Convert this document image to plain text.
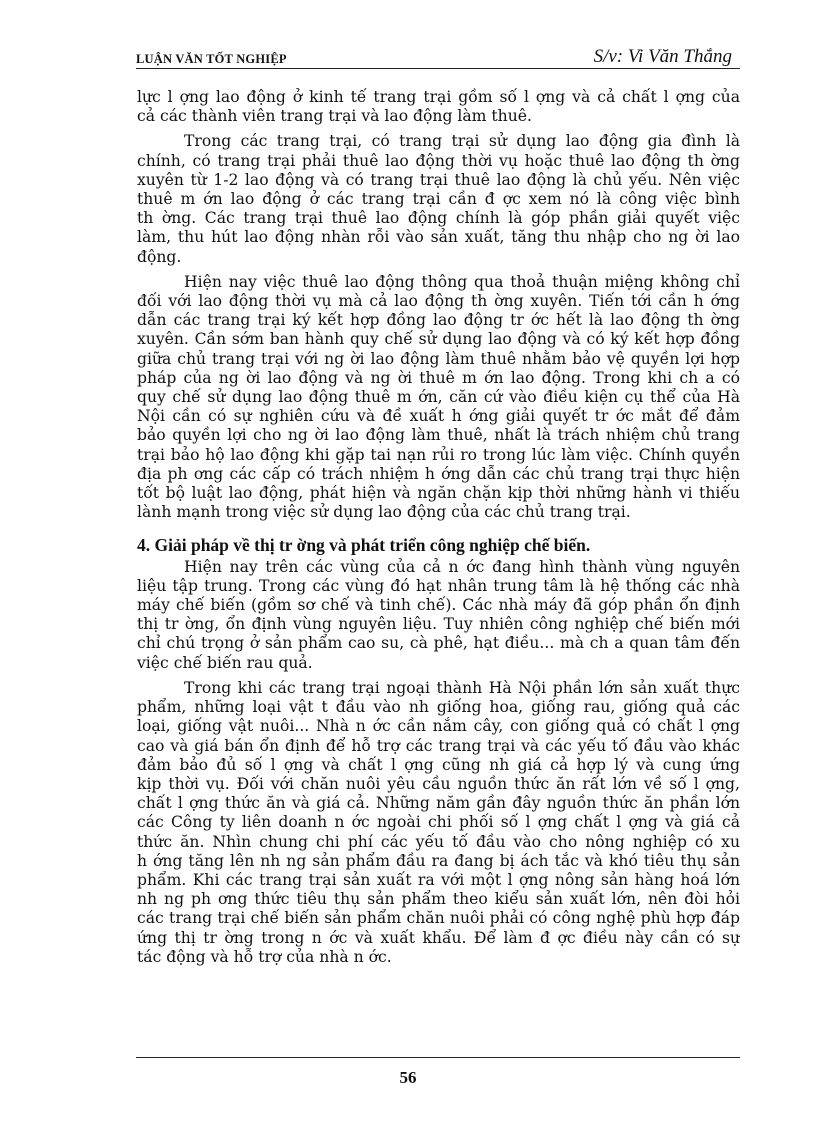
LUẬN VĂN TỐT NGHIỆP	S/v: Vi Văn Thắng
lực l ợng lao động ở kinh tế trang trại gồm số l ợng và cả chất l ợng của
cả các thành viên trang trại và lao động làm thuê.
Trong các trang trại, có trang trại sử dụng lao động gia đình là
chính, có trang trại phải thuê lao động thời vụ hoặc thuê lao động th ờng
xuyên từ 1-2 lao động và có trang trại thuê lao động là chủ yếu. Nên việc
thuê m ớn lao động ở các trang trại cần đ ợc xem nó là công việc bình
th ờng. Các trang trại thuê lao động chính là góp phần giải quyết việc
làm, thu hút lao động nhàn rỗi vào sản xuất, tăng thu nhập cho ng ời lao
động.
Hiện nay việc thuê lao động thông qua thoả thuận miệng không chỉ
đối với lao động thời vụ mà cả lao động th ờng xuyên. Tiến tới cần h ớng
dẫn các trang trại ký kết hợp đồng lao động tr ớc hết là lao động th ờng
xuyên. Cần sớm ban hành quy chế sử dụng lao động và có ký kết hợp đồng
giữa chủ trang trại với ng ời lao động làm thuê nhằm bảo vệ quyền lợi hợp
pháp của ng ời lao động và ng ời thuê m ớn lao động. Trong khi ch a có
quy chế sử dụng lao động thuê m ớn, căn cứ vào điều kiện cụ thể của Hà
Nội cần có sự nghiên cứu và đề xuất h ớng giải quyết tr ớc mắt để đảm
bảo quyền lợi cho ng ời lao động làm thuê, nhất là trách nhiệm chủ trang
trại bảo hộ lao động khi gặp tai nạn rủi ro trong lúc làm việc. Chính quyền
địa ph ơng các cấp có trách nhiệm h ớng dẫn các chủ trang trại thực hiện
tốt bộ luật lao động, phát hiện và ngăn chặn kịp thời những hành vi thiếu
lành mạnh trong việc sử dụng lao động của các chủ trang trại.
4. Giải pháp về thị tr ờng và phát triển công nghiệp chế biến.
Hiện nay trên các vùng của cả n ớc đang hình thành vùng nguyên
liệu tập trung. Trong các vùng đó hạt nhân trung tâm là hệ thống các nhà
máy chế biến (gồm sơ chế và tinh chế). Các nhà máy đã góp phần ổn định
thị tr ờng, ổn định vùng nguyên liệu. Tuy nhiên công nghiệp chế biến mới
chỉ chú trọng ở sản phẩm cao su, cà phê, hạt điều... mà ch a quan tâm đến
việc chế biến rau quả.
Trong khi các trang trại ngoại thành Hà Nội phần lớn sản xuất thực
phẩm, những loại vật t đầu vào nh giống hoa, giống rau, giống quả các
loại, giống vật nuôi... Nhà n ớc cần nắm cây, con giống quả có chất l ợng
cao và giá bán ổn định để hỗ trợ các trang trại và các yếu tố đầu vào khác
đảm bảo đủ số l ợng và chất l ợng cũng nh giá cả hợp lý và cung ứng
kịp thời vụ. Đối với chăn nuôi yêu cầu nguồn thức ăn rất lớn về số l ợng,
chất l ợng thức ăn và giá cả. Những năm gần đây nguồn thức ăn phần lớn
các Công ty liên doanh n ớc ngoài chi phối số l ợng chất l ợng và giá cả
thức ăn. Nhìn chung chi phí các yếu tố đầu vào cho nông nghiệp có xu
h ớng tăng lên nh ng sản phẩm đầu ra đang bị ách tắc và khó tiêu thụ sản
phẩm. Khi các trang trại sản xuất ra với một l ợng nông sản hàng hoá lớn
nh ng ph ơng thức tiêu thụ sản phẩm theo kiểu sản xuất lớn, nên đòi hỏi
các trang trại chế biến sản phẩm chăn nuôi phải có công nghệ phù hợp đáp
ứng thị tr ờng trong n ớc và xuất khẩu. Để làm đ ợc điều này cần có sự
tác động và hỗ trợ của nhà n ớc.
56
